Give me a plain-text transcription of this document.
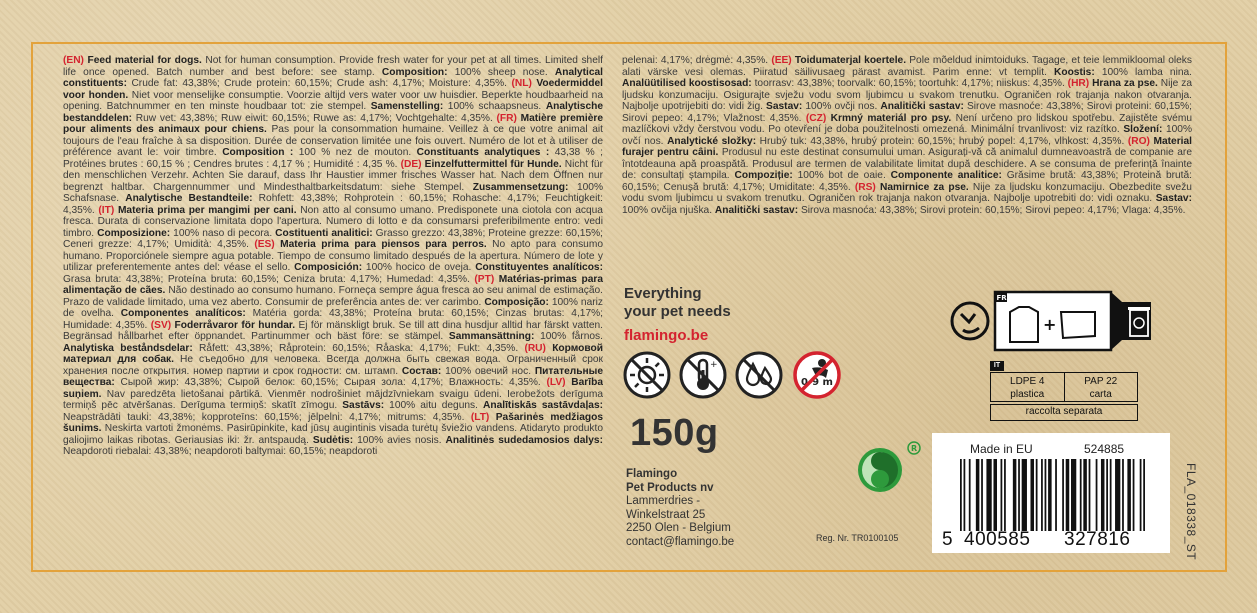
(EN) Feed material for dogs. Not for human consumption. Provide fresh water for your pet at all times. Limited shelf life once opened. Batch number and best before: see stamp. Composition: 100% sheep nose. Analytical constituents: Crude fat: 43,38%; Crude protein: 60,15%; Crude ash: 4,17%; Moisture: 4,35%. (NL) Voedermiddel voor honden. Niet voor menselijke consumptie. Voorzie altijd vers water voor uw huisdier. Beperkte houdbaarheid na opening. Batchnummer en ten minste houdbaar tot: zie stempel. Samenstelling: 100% schaapsneus. Analytische bestanddelen: Ruw vet: 43,38%; Ruw eiwit: 60,15%; Ruwe as: 4,17%; Vochtgehalte: 4,35%. (FR) Matière première pour aliments des animaux pour chiens. Pas pour la consommation humaine. Veillez à ce que votre animal ait toujours de l'eau fraîche à sa disposition. Durée de conservation limitée une fois ouvert. Numéro de lot et à utiliser de préférence avant le: voir timbre. Composition : 100 % nez de mouton. Constituants analytiques : 43,38 % ; Protéines brutes : 60,15 % ; Cendres brutes : 4,17 % ; Humidité : 4,35 %. (DE) Einzelfuttermittel für Hunde. Nicht für den menschlichen Verzehr. Achten Sie darauf, dass Ihr Haustier immer frisches Wasser hat. Nach dem Öffnen nur begrenzt haltbar. Chargennummer und Mindesthaltbarkeitsdatum: siehe Stempel. Zusammensetzung: 100% Schafsnase. Analytische Bestandteile: Rohfett: 43,38%; Rohprotein : 60,15%; Rohasche: 4,17%; Feuchtigkeit: 4,35%. (IT) Materia prima per mangimi per cani. Non atto al consumo umano. Predisponete una ciotola con acqua fresca. Durata di conservazione limitata dopo l'apertura. Numero di lotto e da consumarsi preferibilmente entro: vedi timbro. Composizione: 100% naso di pecora. Costituenti analitici: Grasso grezzo: 43,38%; Proteine grezze: 60,15%; Ceneri grezze: 4,17%; Umidità: 4,35%. (ES) Materia prima para piensos para perros. No apto para consumo humano. Proporciónele siempre agua potable. Tiempo de consumo limitado después de la apertura. Número de lote y utilizar preferentemente antes del: véase el sello. Composición: 100% hocico de oveja. Constituyentes analíticos: Grasa bruta: 43,38%; Proteína bruta: 60,15%; Ceniza bruta: 4,17%; Humedad: 4,35%. (PT) Matérias-primas para alimentação de cães. Não destinado ao consumo humano. Forneça sempre água fresca ao seu animal de estimação. Prazo de validade limitado, uma vez aberto. Consumir de preferência antes de: ver carimbo. Composição: 100% nariz de ovelha. Componentes analíticos: Matéria gorda: 43,38%; Proteína bruta: 60,15%; Cinzas brutas: 4,17%; Humidade: 4,35%. (SV) Foderråvaror för hundar. Ej för mänskligt bruk. Se till att dina husdjur alltid har färskt vatten. Begränsad hållbarhet efter öppnandet. Partinummer och bäst före: se stämpel. Sammansättning: 100% fårnos. Analytiska beståndsdelar: Råfett: 43,38%; Råprotein: 60,15%; Råaska: 4,17%; Fukt: 4,35%. (RU) Кормовой материал для собак. Не съедобно для человека. Всегда должна быть свежая вода. Ограниченный срок хранения после открытия. номер партии и срок годности: см. штамп. Состав: 100% овечий нос. Питательные вещества: Сырой жир: 43,38%; Сырой белок: 60,15%; Сырая зола: 4,17%; Влажность: 4,35%. (LV) Barība suņiem. Nav paredzēta lietošanai pārtikā. Vienmēr nodrošiniet mājdzīvniekam svaigu ūdeni. Ierobežots derīguma termiņš pēc atvēršanas. Derīguma termiņš: skatīt zīmogu. Sastāvs: 100% aitu deguns. Analītiskās sastāvdaļas: Neapstrādāti tauki: 43,38%; kopproteīns: 60,15%; jēlpelni: 4,17%; mitrums: 4,35%. (LT) Pašarinės medžiagos šunims. Neskirta vartoti žmonėms. Pasirūpinkite, kad jūsų augintinis visada turėtų šviežio vandens. Atidaryto produkto galiojimo laikas ribotas. Geriausias iki: žr. antspaudą. Sudėtis: 100% avies nosis. Analitinės sudedamosios dalys: Neapdoroti riebalai: 43,38%; neapdoroti baltymai: 60,15%; neapdoroti
pelenai: 4,17%; drėgmė: 4,35%. (EE) Toidumaterjal koertele. Pole mõeldud inimtoiduks. Tagage, et teie lemmikloomal oleks alati värske vesi olemas. Piiratud säilivusaeg pärast avamist. Parim enne: vt templit. Koostis: 100% lamba nina. Analüütilised koostisosad: toorrasv: 43,38%; toorvalk: 60,15%; toortuhk: 4,17%; niiskus: 4,35%. (HR) Hrana za pse. Nije za ljudsku konzumaciju. Osigurajte svježu vodu svom ljubimcu u svakom trenutku. Ograničen rok trajanja nakon otvaranja. Najbolje upotrijebiti do: vidi žig. Sastav: 100% ovčji nos. Analitički sastav: Sirove masnoće: 43,38%; Sirovi proteini: 60,15%; Sirovi pepeo: 4,17%; Vlažnost: 4,35%. (CZ) Krmný materiál pro psy. Není určeno pro lidskou spotřebu. Zajistěte svému mazlíčkovi vždy čerstvou vodu. Po otevření je doba použitelnosti omezená. Minimální trvanlivost: viz razítko. Složení: 100% ovčí nos. Analytické složky: Hrubý tuk: 43,38%, hrubý protein: 60,15%; hrubý popel: 4,17%, vlhkost: 4,35%. (RO) Material furajer pentru câini. Produsul nu este destinat consumului uman. Asigurați-vă că animalul dumneavoastră de companie are întotdeauna apă proaspătă. Produsul are termen de valabilitate limitat după deschidere. A se consuma de preferință înainte de: consultați ștampila. Compoziție: 100% bot de oaie. Componente analitice: Grăsime brută: 43,38%; Proteină brută: 60,15%; Cenușă brută: 4,17%; Umiditate: 4,35%. (RS) Namirnice za pse. Nije za ljudsku konzumaciju. Obezbedite svežu vodu svom ljubimcu u svakom trenutku. Ograničen rok trajanja nakon otvaranja. Najbolje upotrebiti do: vidi oznaku. Sastav: 100% ovčija njuška. Analitički sastav: Sirova masnoća: 43,38%; Sirovi protein: 60,15%; Sirovi pepeo: 4,17%; Vlaga: 4,35%.
Everything
your pet needs
flamingo.be
+
0-9 m
150g
Flamingo
Pet Products nv
Lammerdries -
Winkelstraat 25
2250 Olen - Belgium
contact@flamingo.be
R
Reg. Nr. TR0100105
FR
+
IT
LDPE 4
plastica
PAP 22
carta
raccolta separata
Made in EU	524885
5 400585 327816	FLA_018338_ST
